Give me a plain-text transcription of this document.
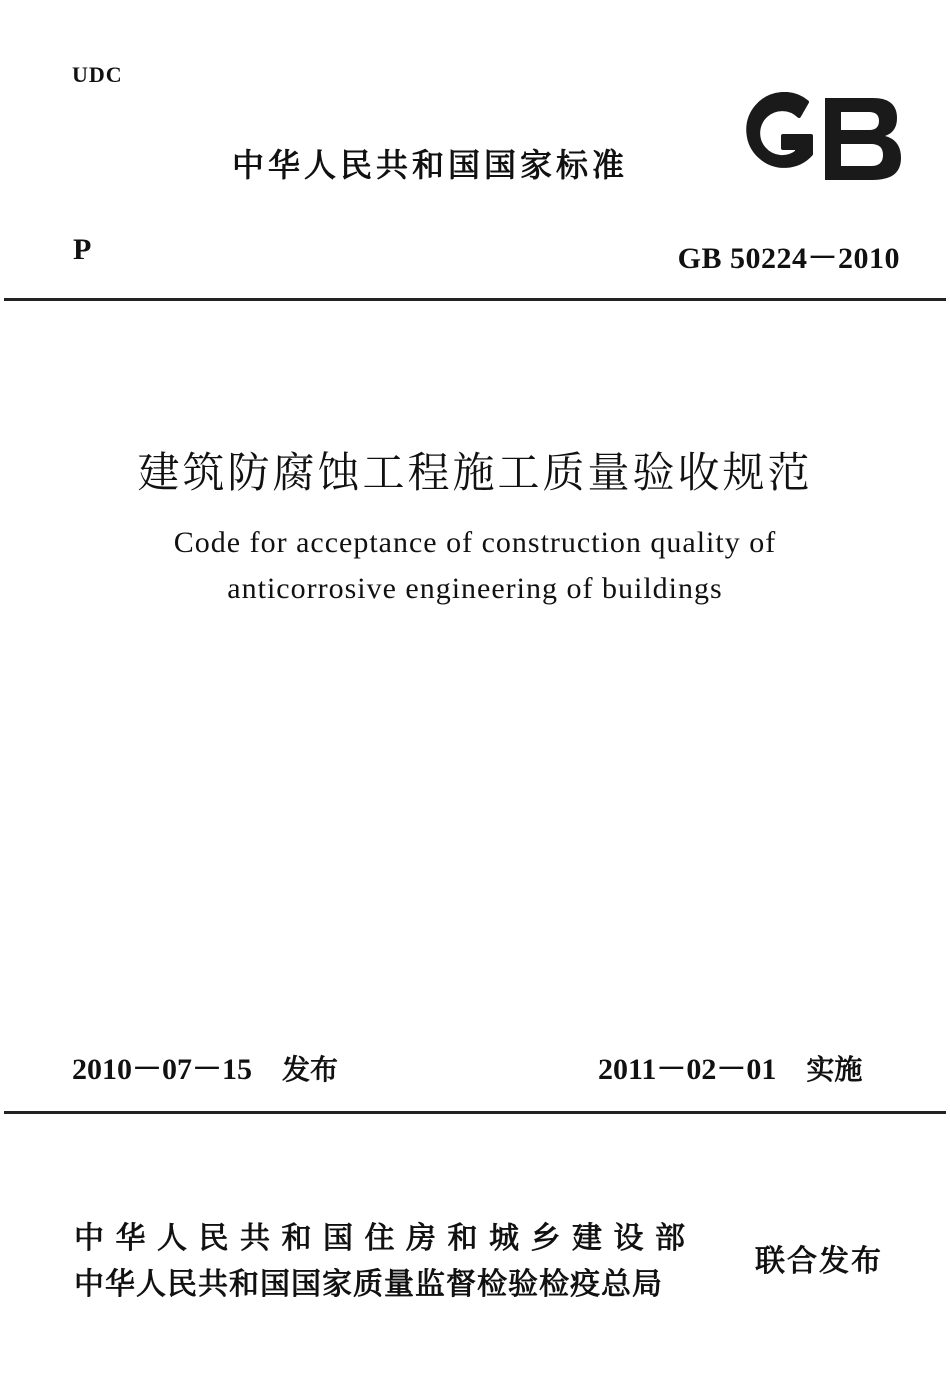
UDC
中华人民共和国国家标准
P	GB 50224－2010
建筑防腐蚀工程施工质量验收规范
Code for acceptance of construction quality of
anticorrosive engineering of buildings
2010－07－15 发布	2011－02－01 实施
中华人民共和国住房和城乡建设部
中华人民共和国国家质量监督检验检疫总局
联合发布
